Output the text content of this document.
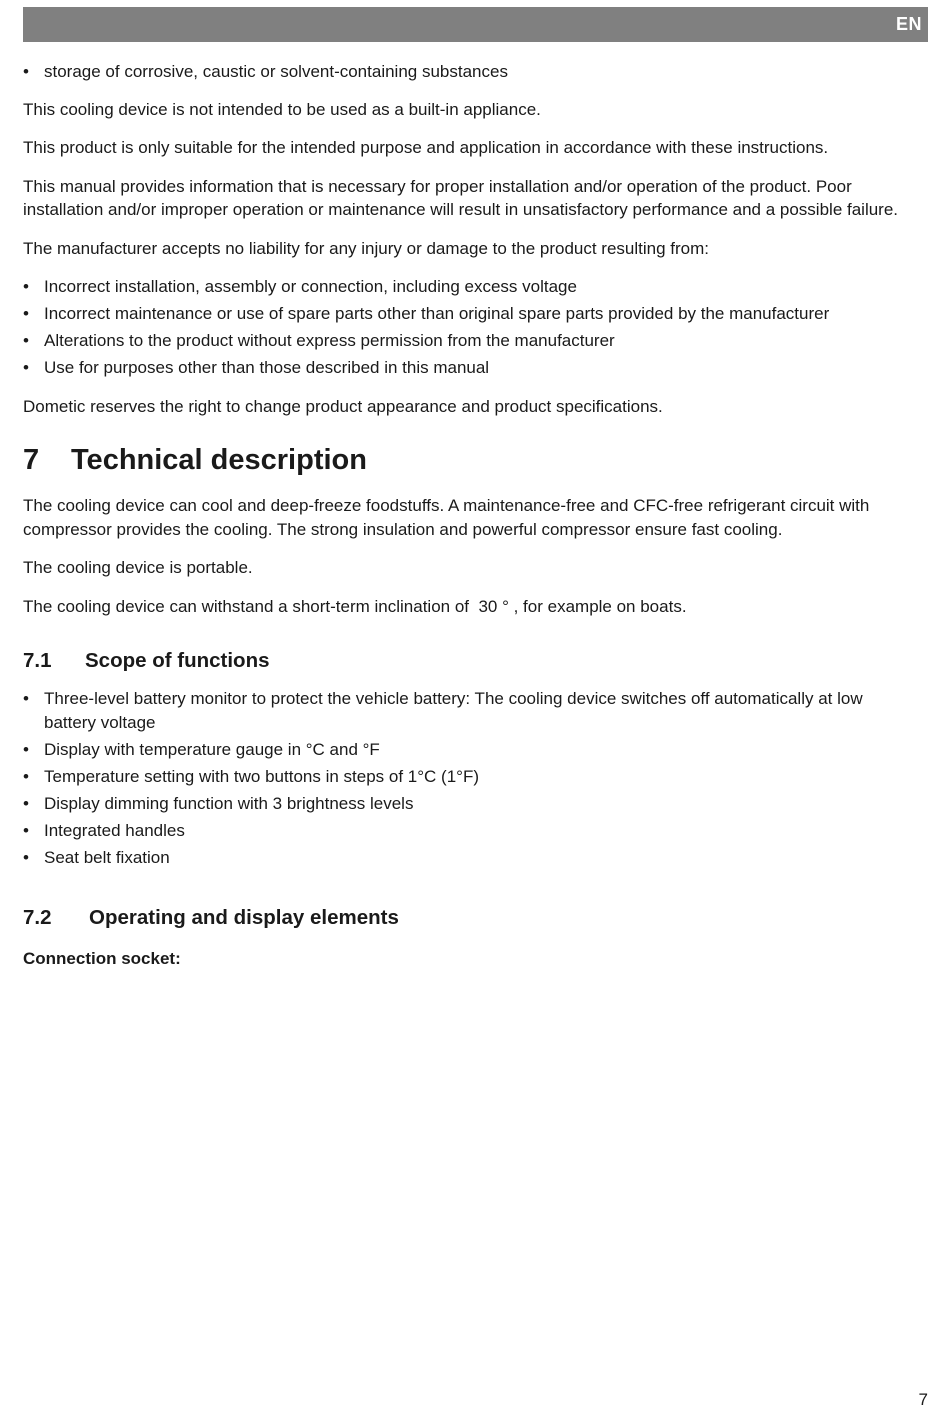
EN
• storage of corrosive, caustic or solvent-containing substances

This cooling device is not intended to be used as a built-in appliance.

This product is only suitable for the intended purpose and application in accordance with these instructions.

This manual provides information that is necessary for proper installation and/or operation of the product. Poor installation and/or improper operation or maintenance will result in unsatisfactory performance and a possible failure.

The manufacturer accepts no liability for any injury or damage to the product resulting from:

• Incorrect installation, assembly or connection, including excess voltage
• Incorrect maintenance or use of spare parts other than original spare parts provided by the manufacturer
• Alterations to the product without express permission from the manufacturer
• Use for purposes other than those described in this manual

Dometic reserves the right to change product appearance and product specifications.

7 Technical description

The cooling device can cool and deep-freeze foodstuffs. A maintenance-free and CFC-free refrigerant circuit with compressor provides the cooling. The strong insulation and powerful compressor ensure fast cooling.

The cooling device is portable.

The cooling device can withstand a short-term inclination of  30 ° , for example on boats.

7.1 Scope of functions
• Three-level battery monitor to protect the vehicle battery: The cooling device switches off automatically at low battery voltage
• Display with temperature gauge in °C and °F
• Temperature setting with two buttons in steps of 1°C (1°F)
• Display dimming function with 3 brightness levels
• Integrated handles
• Seat belt fixation
7.2 Operating and display elements

Connection socket:

7
